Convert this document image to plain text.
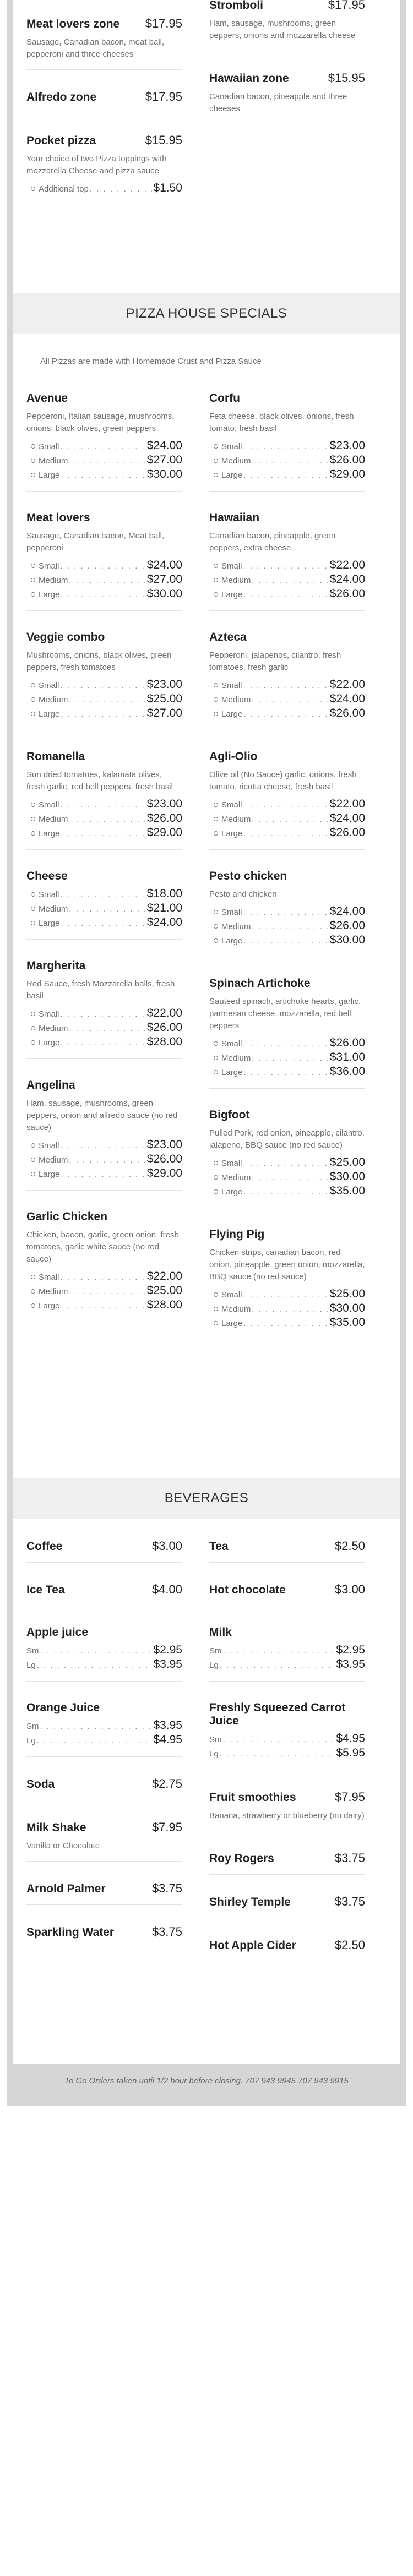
Meat lovers zone $17.95
Sausage, Canadian bacon, meat ball, pepperoni and three cheeses
Alfredo zone	$17.95
Pocket pizza	$15.95
Your choice of two Pizza toppings with mozzarella Cheese and pizza sauce
Additional top . . .	$1.50
Stromboli	$17.95
Ham, sausage, mushrooms, green peppers, onions and mozzarella cheese
Hawaiian zone	$15.95
Canadian bacon, pineapple and three cheeses
PIZZA HOUSE SPECIALS
All Pizzas are made with Homemade Crust and Pizza Sauce
Avenue
Pepperoni, Italian sausage, mushrooms, onions, black olives, green peppers
Small . . .	$24.00
Medium . . .	$27.00
Large . . .	$30.00
Meat lovers
Sausage, Canadian bacon, Meat ball, pepperoni
Small . . .	$24.00
Medium . . .	$27.00
Large . . .	$30.00
Veggie combo
Mushrooms, onions, black olives, green peppers, fresh tomatoes
Small . . .	$23.00
Medium . . .	$25.00
Large . . .	$27.00
Romanella
Sun dried tomatoes, kalamata olives, fresh garlic, red bell peppers, fresh basil
Small . . .	$23.00
Medium . . .	$26.00
Large . . .	$29.00
Cheese
Small . . .	$18.00
Medium . . .	$21.00
Large . . .	$24.00
Margherita
Red Sauce, fresh Mozzarella balls, fresh basil
Small . . .	$22.00
Medium . . .	$26.00
Large . . .	$28.00
Angelina
Ham, sausage, mushrooms, green peppers, onion and alfredo sauce (no red sauce)
Small . . .	$23.00
Medium . . .	$26.00
Large . . .	$29.00
Garlic Chicken
Chicken, bacon, garlic, green onion, fresh tomatoes, garlic white sauce (no red sauce)
Small . . .	$22.00
Medium . . .	$25.00
Large . . .	$28.00
Corfu
Feta cheese, black olives, onions, fresh tomato, fresh basil
Small . . .	$23.00
Medium . . .	$26.00
Large . . .	$29.00
Hawaiian
Canadian bacon, pineapple, green peppers, extra cheese
Small . . .	$22.00
Medium . . .	$24.00
Large . . .	$26.00
Azteca
Pepperoni, jalapenos, cilantro, fresh tomatoes, fresh garlic
Small . . .	$22.00
Medium . . .	$24.00
Large . . .	$26.00
Agli-Olio
Olive oil (No Sauce) garlic, onions, fresh tomato, ricotta cheese, fresh basil
Small . . .	$22.00
Medium . . .	$24.00
Large . . .	$26.00
Pesto chicken
Pesto and chicken
Small . . .	$24.00
Medium . . .	$26.00
Large . . .	$30.00
Spinach Artichoke
Sauteed spinach, artichoke hearts, garlic, parmesan cheese, mozzarella, red bell peppers
Small . . .	$26.00
Medium . . .	$31.00
Large . . .	$36.00
Bigfoot
Pulled Pork, red onion, pineapple, cilantro, jalapeno, BBQ sauce (no red sauce)
Small . . .	$25.00
Medium . . .	$30.00
Large . . .	$35.00
Flying Pig
Chicken strips, canadian bacon, red onion, pineapple, green onion, mozzarella, BBQ sauce (no red sauce)
Small . . .	$25.00
Medium . . .	$30.00
Large . . .	$35.00
BEVERAGES
Coffee	$3.00
Ice Tea	$4.00
Apple juice
Sm . . .	$2.95
Lg . . .	$3.95
Orange Juice
Sm . . .	$3.95
Lg . . .	$4.95
Soda	$2.75
Milk Shake	$7.95
Vanilla or Chocolate
Arnold Palmer	$3.75
Sparkling Water	$3.75
Tea	$2.50
Hot chocolate	$3.00
Milk
Sm . . .	$2.95
Lg . . .	$3.95
Freshly Squeezed Carrot Juice
Sm . . .	$4.95
Lg . . .	$5.95
Fruit smoothies	$7.95
Banana, strawberry or blueberry (no dairy)
Roy Rogers	$3.75
Shirley Temple	$3.75
Hot Apple Cider	$2.50
To Go Orders taken until 1/2 hour before closing. 707 943 9945 707 943 9915
